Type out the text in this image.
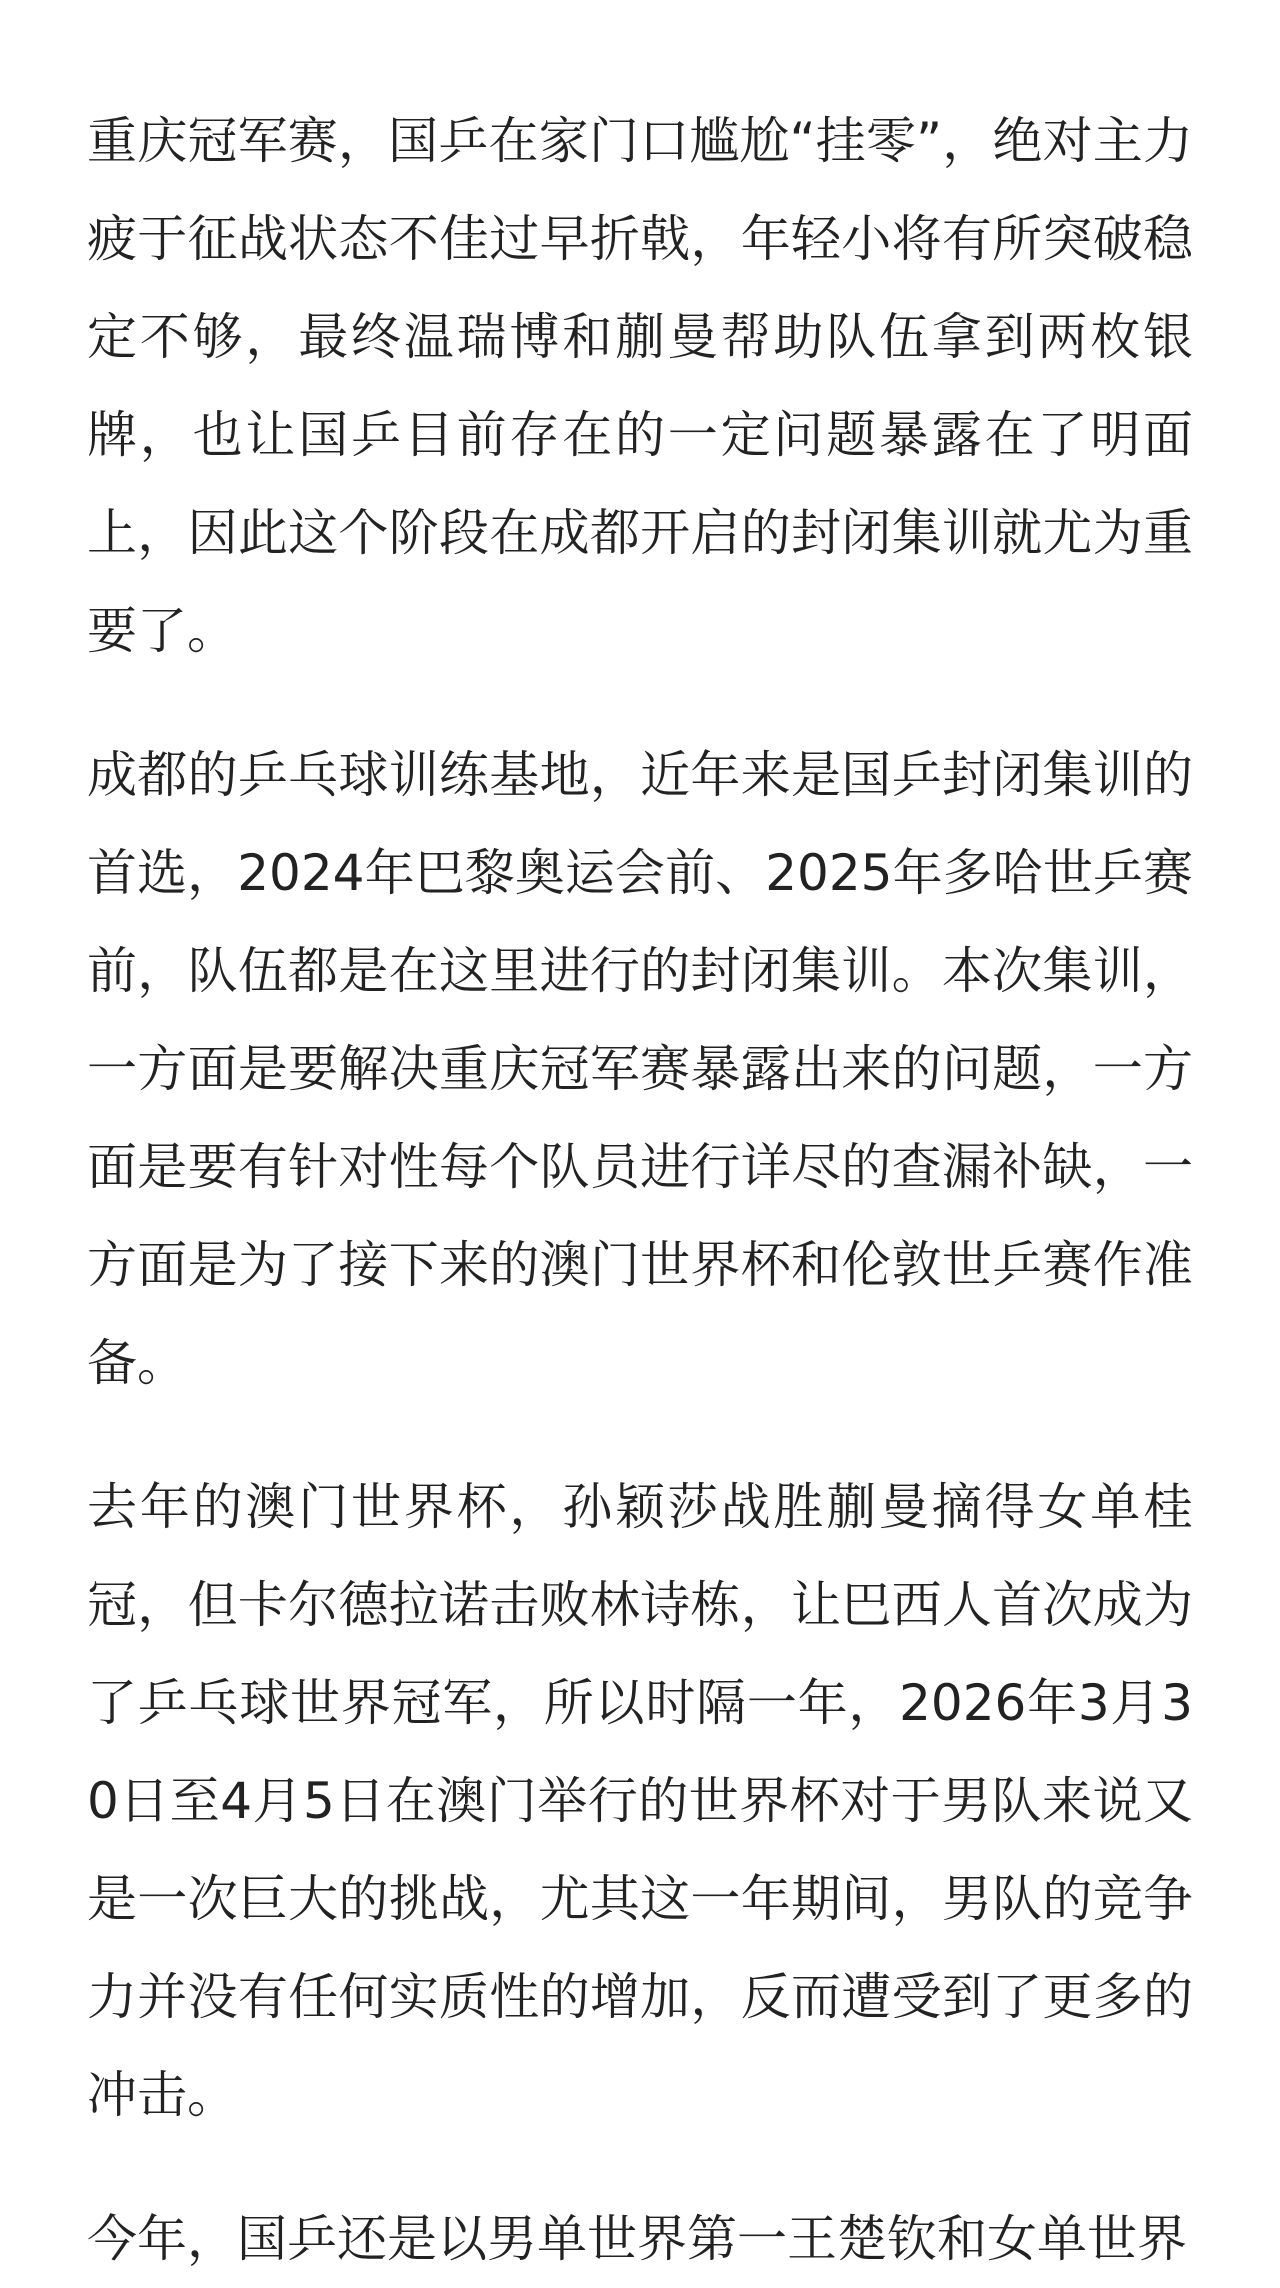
重庆冠军赛，国乒在家门口尴尬“挂零”，绝对主力疲于征战状态不佳过早折戟，年轻小将有所突破稳定不够，最终温瑞博和蒯曼帮助队伍拿到两枚银牌，也让国乒目前存在的一定问题暴露在了明面上，因此这个阶段在成都开启的封闭集训就尤为重要了。

成都的乒乓球训练基地，近年来是国乒封闭集训的首选，2024年巴黎奥运会前、2025年多哈世乒赛前，队伍都是在这里进行的封闭集训。本次集训，一方面是要解决重庆冠军赛暴露出来的问题，一方面是要有针对性每个队员进行详尽的查漏补缺，一方面是为了接下来的澳门世界杯和伦敦世乒赛作准备。

去年的澳门世界杯，孙颖莎战胜蒯曼摘得女单桂冠，但卡尔德拉诺击败林诗栋，让巴西人首次成为了乒乓球世界冠军，所以时隔一年，2026年3月30日至4月5日在澳门举行的世界杯对于男队来说又是一次巨大的挑战，尤其这一年期间，男队的竞争力并没有任何实质性的增加，反而遭受到了更多的冲击。

今年，国乒还是以男单世界第一王楚钦和女单世界
